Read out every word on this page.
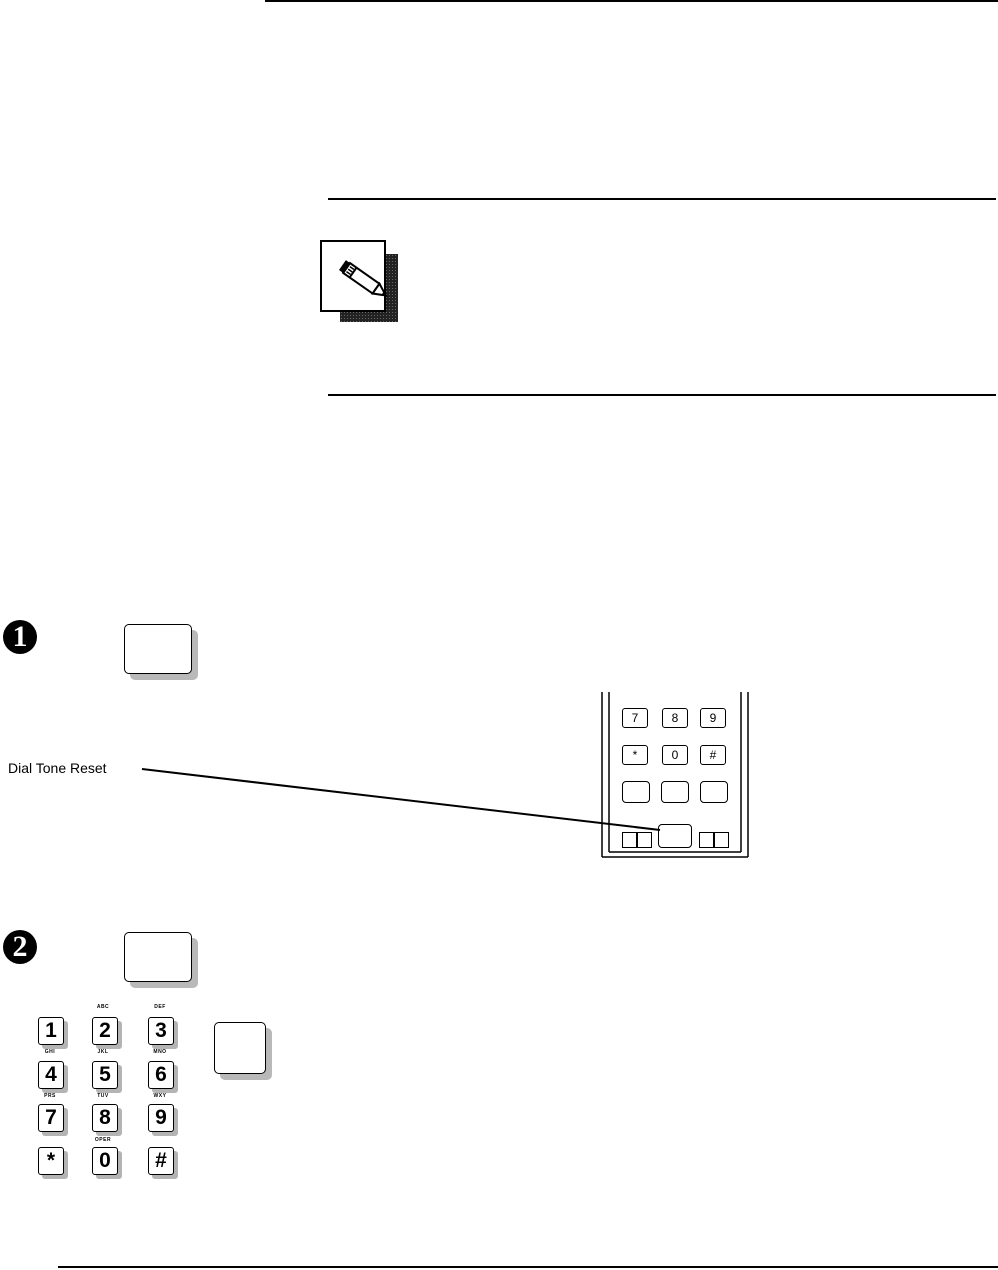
1
7	8	9
*	0	#
Dial Tone Reset
2
ABC	DEF
1	2	3
GHI	JKL	MNO
4	5	6
PRS	TUV	WXY
7	8	9
OPER
*	0	#
